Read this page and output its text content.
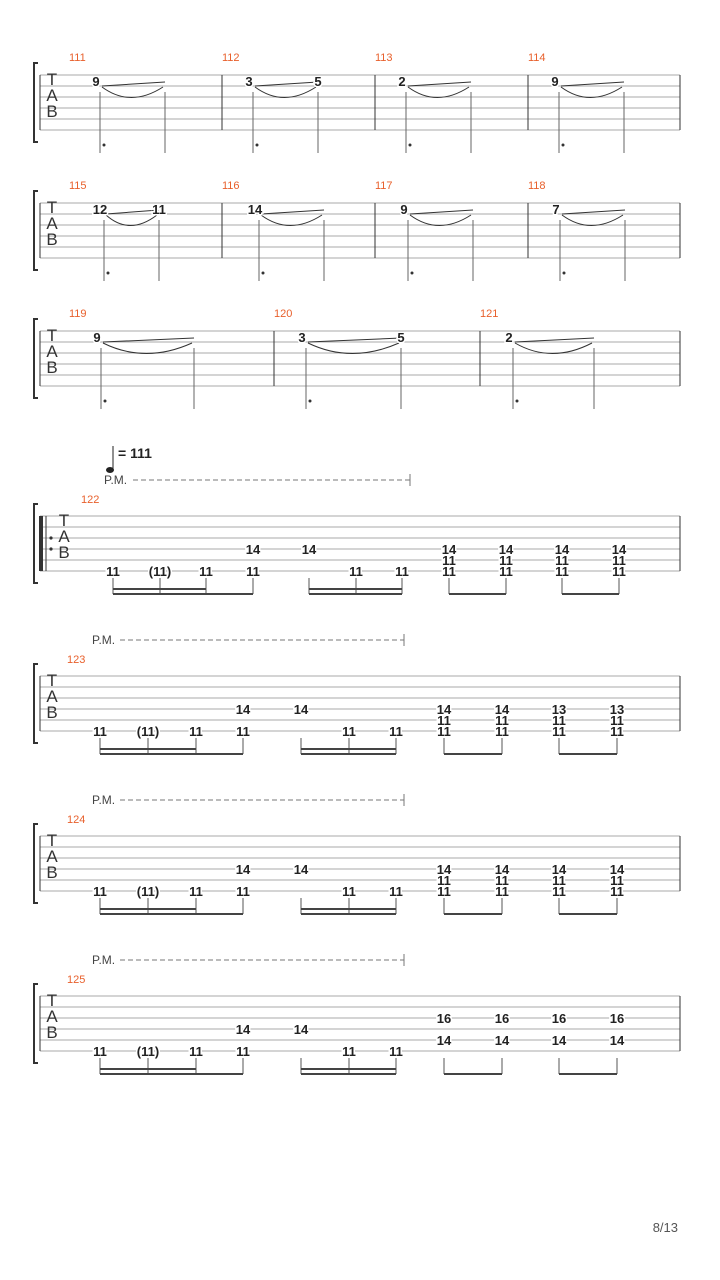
T
A
B
111
9
112
3	5
113
2
114
9
T
A
B
115
12	11
116
14
117
9
118
7
T
A
B
119
9
120
3	5
121
2
T
A
B
P.M.
= 111
122
11 (11) 11
14
11
14
11 11
14
11
11
14
11
11
14
11
11
14
11
11
T
A
B
P.M.
123
11 (11) 11
14
11
14
11	11
14
11
11
14
11
11
13
11
11
13
11
11
T
A
B
P.M.
124
11 (11) 11
14
11
14
11	11
14
11
11
14
11
11
14
11
11
14
11
11
T
A
B
P.M.
125
11 (11) 11
14
11
14
11	11
16
14
16
14
16
14
16
14
8/13
